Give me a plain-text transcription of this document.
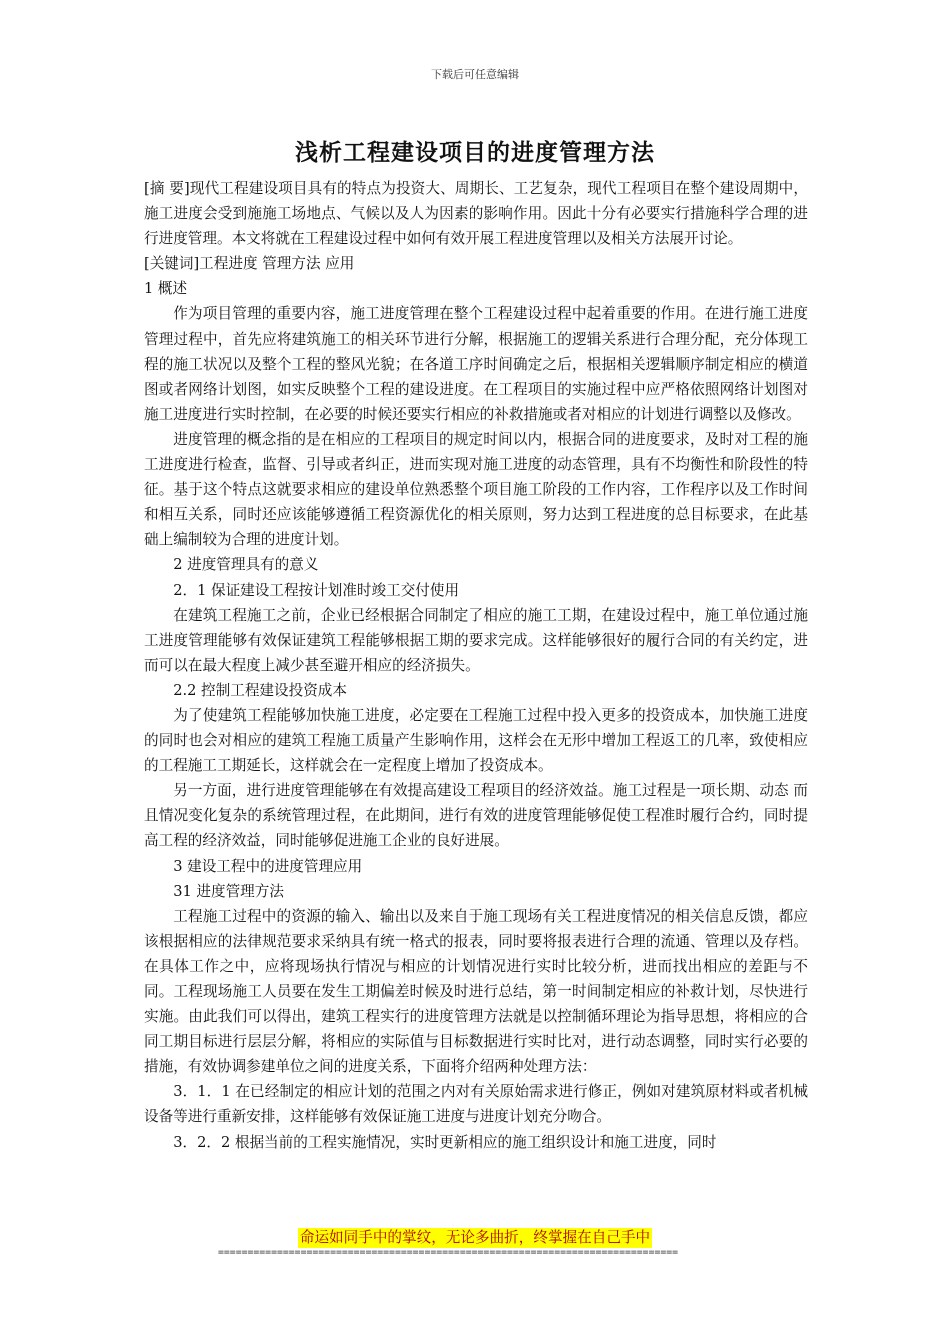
下载后可任意编辑
浅析工程建设项目的进度管理方法

[摘 要]现代工程建设项目具有的特点为投资大、周期长、工艺复杂，现代工程项目在整个建设周期中，施工进度会受到施施工场地点、气候以及人为因素的影响作用。因此十分有必要实行措施科学合理的进行进度管理。本文将就在工程建设过程中如何有效开展工程进度管理以及相关方法展开讨论。

[关键词]工程进度 管理方法 应用

1 概述

作为项目管理的重要内容，施工进度管理在整个工程建设过程中起着重要的作用。在进行施工进度管理过程中，首先应将建筑施工的相关环节进行分解，根据施工的逻辑关系进行合理分配，充分体现工程的施工状况以及整个工程的整风光貌；在各道工序时间确定之后，根据相关逻辑顺序制定相应的横道图或者网络计划图，如实反映整个工程的建设进度。在工程项目的实施过程中应严格依照网络计划图对施工进度进行实时控制，在必要的时候还要实行相应的补救措施或者对相应的计划进行调整以及修改。

进度管理的概念指的是在相应的工程项目的规定时间以内，根据合同的进度要求，及时对工程的施工进度进行检查，监督、引导或者纠正，进而实现对施工进度的动态管理，具有不均衡性和阶段性的特征。基于这个特点这就要求相应的建设单位熟悉整个项目施工阶段的工作内容，工作程序以及工作时间和相互关系，同时还应该能够遵循工程资源优化的相关原则，努力达到工程进度的总目标要求，在此基础上编制较为合理的进度计划。

2 进度管理具有的意义

2．1 保证建设工程按计划准时竣工交付使用

在建筑工程施工之前，企业已经根据合同制定了相应的施工工期，在建设过程中，施工单位通过施工进度管理能够有效保证建筑工程能够根据工期的要求完成。这样能够很好的履行合同的有关约定，进而可以在最大程度上减少甚至避开相应的经济损失。

2.2 控制工程建设投资成本

为了使建筑工程能够加快施工进度，必定要在工程施工过程中投入更多的投资成本，加快施工进度的同时也会对相应的建筑工程施工质量产生影响作用，这样会在无形中增加工程返工的几率，致使相应的工程施工工期延长，这样就会在一定程度上增加了投资成本。

另一方面，进行进度管理能够在有效提高建设工程项目的经济效益。施工过程是一项长期、动态 而且情况变化复杂的系统管理过程，在此期间，进行有效的进度管理能够促使工程准时履行合约，同时提高工程的经济效益，同时能够促进施工企业的良好进展。

3 建设工程中的进度管理应用

31 进度管理方法

工程施工过程中的资源的输入、输出以及来自于施工现场有关工程进度情况的相关信息反馈，都应该根据相应的法律规范要求采纳具有统一格式的报表，同时要将报表进行合理的流通、管理以及存档。在具体工作之中，应将现场执行情况与相应的计划情况进行实时比较分析，进而找出相应的差距与不同。工程现场施工人员要在发生工期偏差时候及时进行总结，第一时间制定相应的补救计划，尽快进行实施。由此我们可以得出，建筑工程实行的进度管理方法就是以控制循环理论为指导思想，将相应的合同工期目标进行层层分解，将相应的实际值与目标数据进行实时比对，进行动态调整，同时实行必要的措施，有效协调参建单位之间的进度关系，下面将介绍两种处理方法：

3．1．1 在已经制定的相应计划的范围之内对有关原始需求进行修正，例如对建筑原材料或者机械设备等进行重新安排，这样能够有效保证施工进度与进度计划充分吻合。

3．2．2 根据当前的工程实施情况，实时更新相应的施工组织设计和施工进度，同时

命运如同手中的掌纹，无论多曲折，终掌握在自己手中
==============================================================================
